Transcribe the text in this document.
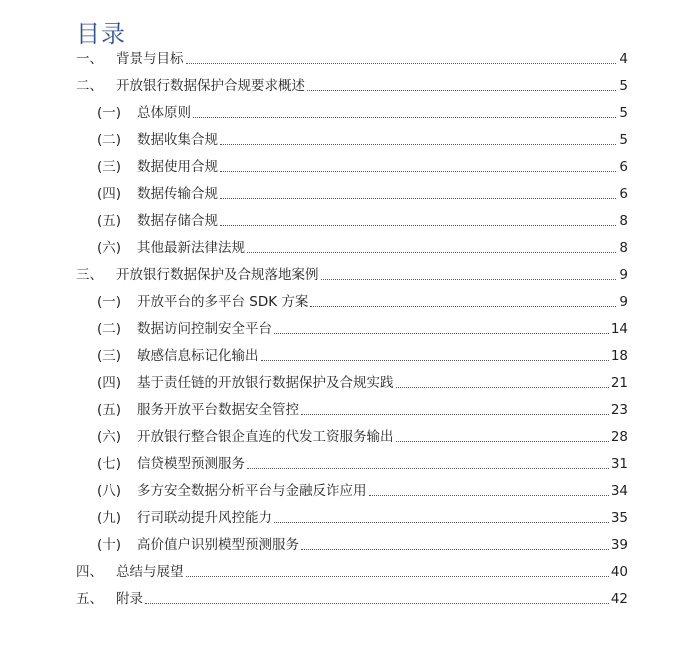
目录
一、 背景与目标	4
二、 开放银行数据保护合规要求概述	5
(一)	总体原则	5
(二)	数据收集合规	5
(三)	数据使用合规	6
(四)	数据传输合规	6
(五)	数据存储合规	8
(六)	其他最新法律法规	8
三、 开放银行数据保护及合规落地案例	9
(一)	开放平台的多平台 SDK 方案	9
(二)	数据访问控制安全平台	14
(三)	敏感信息标记化输出	18
(四)	基于责任链的开放银行数据保护及合规实践	21
(五)	服务开放平台数据安全管控	23
(六)	开放银行整合银企直连的代发工资服务输出	28
(七)	信贷模型预测服务	31
(八)	多方安全数据分析平台与金融反诈应用	34
(九)	行司联动提升风控能力	35
(十)	高价值户识别模型预测服务	39
四、 总结与展望	40
五、 附录	42
